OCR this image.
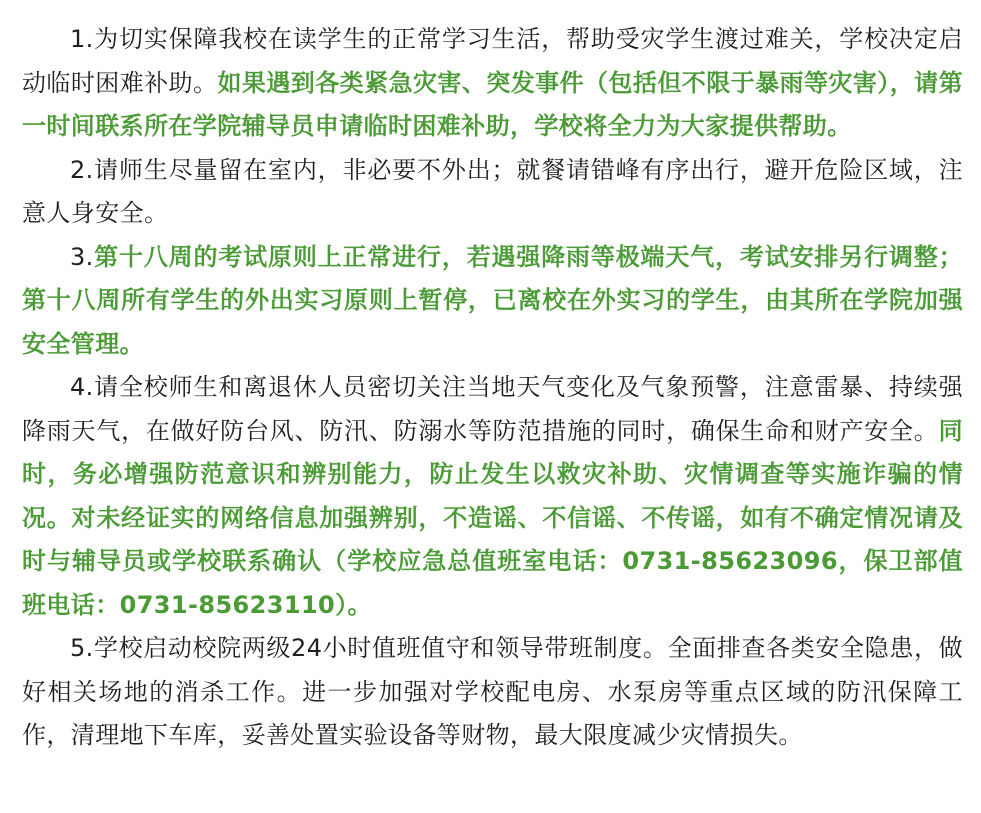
1.为切实保障我校在读学生的正常学习生活，帮助受灾学生渡过难关，学校决定启动临时困难补助。如果遇到各类紧急灾害、突发事件（包括但不限于暴雨等灾害），请第一时间联系所在学院辅导员申请临时困难补助，学校将全力为大家提供帮助。

2.请师生尽量留在室内，非必要不外出；就餐请错峰有序出行，避开危险区域，注意人身安全。

3.第十八周的考试原则上正常进行，若遇强降雨等极端天气，考试安排另行调整；第十八周所有学生的外出实习原则上暂停，已离校在外实习的学生，由其所在学院加强安全管理。

4.请全校师生和离退休人员密切关注当地天气变化及气象预警，注意雷暴、持续强降雨天气，在做好防台风、防汛、防溺水等防范措施的同时，确保生命和财产安全。同时，务必增强防范意识和辨别能力，防止发生以救灾补助、灾情调查等实施诈骗的情况。对未经证实的网络信息加强辨别，不造谣、不信谣、不传谣，如有不确定情况请及时与辅导员或学校联系确认（学校应急总值班室电话：0731-85623096，保卫部值班电话：0731-85623110）。

5.学校启动校院两级24小时值班值守和领导带班制度。全面排查各类安全隐患，做好相关场地的消杀工作。进一步加强对学校配电房、水泵房等重点区域的防汛保障工作，清理地下车库，妥善处置实验设备等财物，最大限度减少灾情损失。
